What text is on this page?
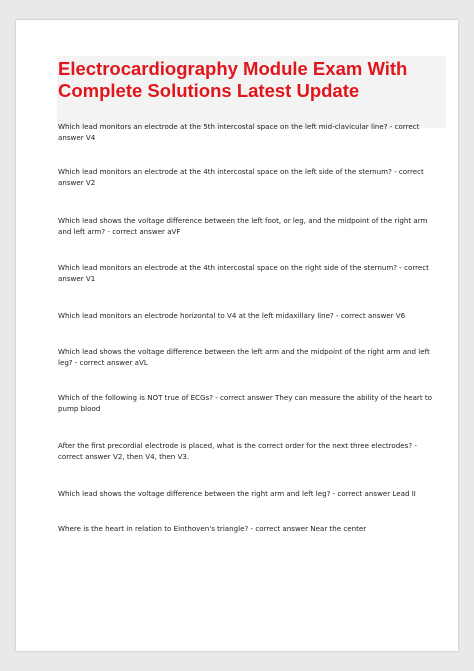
Electrocardiography Module Exam With Complete Solutions Latest Update

Which lead monitors an electrode at the 5th intercostal space on the left mid-clavicular line? - correct answer V4

Which lead monitors an electrode at the 4th intercostal space on the left side of the sternum? - correct answer V2

Which lead shows the voltage difference between the left foot, or leg, and the midpoint of the right arm and left arm? - correct answer aVF

Which lead monitors an electrode at the 4th intercostal space on the right side of the sternum? - correct answer V1

Which lead monitors an electrode horizontal to V4 at the left midaxillary line? - correct answer V6

Which lead shows the voltage difference between the left arm and the midpoint of the right arm and left leg? - correct answer aVL

Which of the following is NOT true of ECGs? - correct answer They can measure the ability of the heart to pump blood

After the first precordial electrode is placed, what is the correct order for the next three electrodes? - correct answer V2, then V4, then V3.

Which lead shows the voltage difference between the right arm and left leg? - correct answer Lead II

Where is the heart in relation to Einthoven's triangle? - correct answer Near the center
